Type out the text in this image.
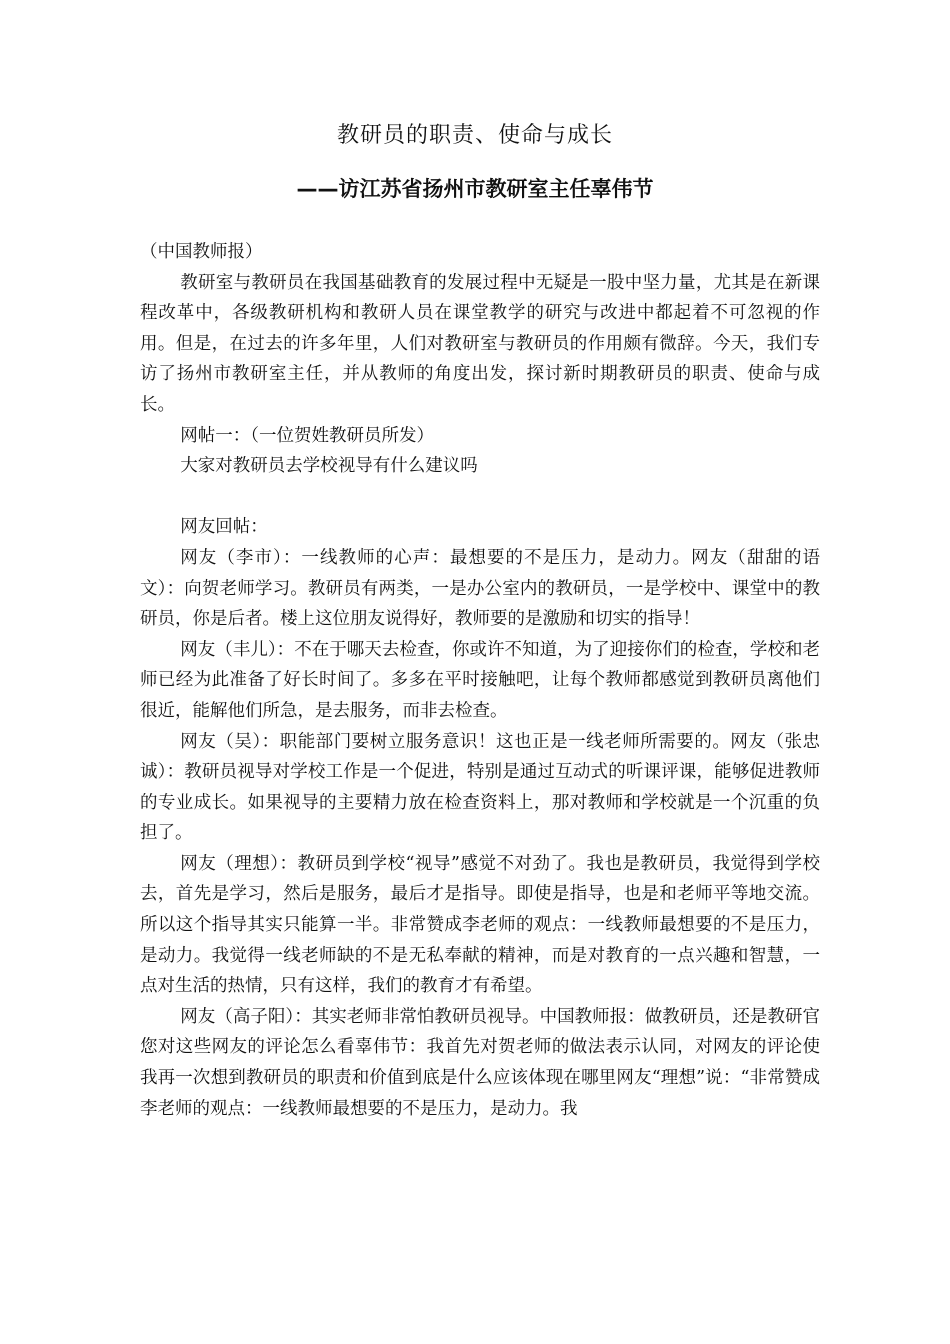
教研员的职责、使命与成长
——访江苏省扬州市教研室主任辜伟节

（中国教师报）

教研室与教研员在我国基础教育的发展过程中无疑是一股中坚力量，尤其是在新课程改革中，各级教研机构和教研人员在课堂教学的研究与改进中都起着不可忽视的作用。但是，在过去的许多年里，人们对教研室与教研员的作用颇有微辞。今天，我们专访了扬州市教研室主任，并从教师的角度出发，探讨新时期教研员的职责、使命与成长。

网帖一：（一位贺姓教研员所发）

大家对教研员去学校视导有什么建议吗

网友回帖：

网友（李市）：一线教师的心声：最想要的不是压力，是动力。网友（甜甜的语文）：向贺老师学习。教研员有两类，一是办公室内的教研员，一是学校中、课堂中的教研员，你是后者。楼上这位朋友说得好，教师要的是激励和切实的指导！

网友（丰儿）：不在于哪天去检查，你或许不知道，为了迎接你们的检查，学校和老师已经为此准备了好长时间了。多多在平时接触吧，让每个教师都感觉到教研员离他们很近，能解他们所急，是去服务，而非去检查。

网友（吴）：职能部门要树立服务意识！这也正是一线老师所需要的。网友（张忠诚）：教研员视导对学校工作是一个促进，特别是通过互动式的听课评课，能够促进教师的专业成长。如果视导的主要精力放在检查资料上，那对教师和学校就是一个沉重的负担了。

网友（理想）：教研员到学校“视导”感觉不对劲了。我也是教研员，我觉得到学校去，首先是学习，然后是服务，最后才是指导。即使是指导，也是和老师平等地交流。所以这个指导其实只能算一半。非常赞成李老师的观点：一线教师最想要的不是压力，是动力。我觉得一线老师缺的不是无私奉献的精神，而是对教育的一点兴趣和智慧，一点对生活的热情，只有这样，我们的教育才有希望。

网友（高子阳）：其实老师非常怕教研员视导。中国教师报：做教研员，还是教研官您对这些网友的评论怎么看辜伟节：我首先对贺老师的做法表示认同，对网友的评论使我再一次想到教研员的职责和价值到底是什么应该体现在哪里网友“理想”说：“非常赞成李老师的观点：一线教师最想要的不是压力，是动力。我
